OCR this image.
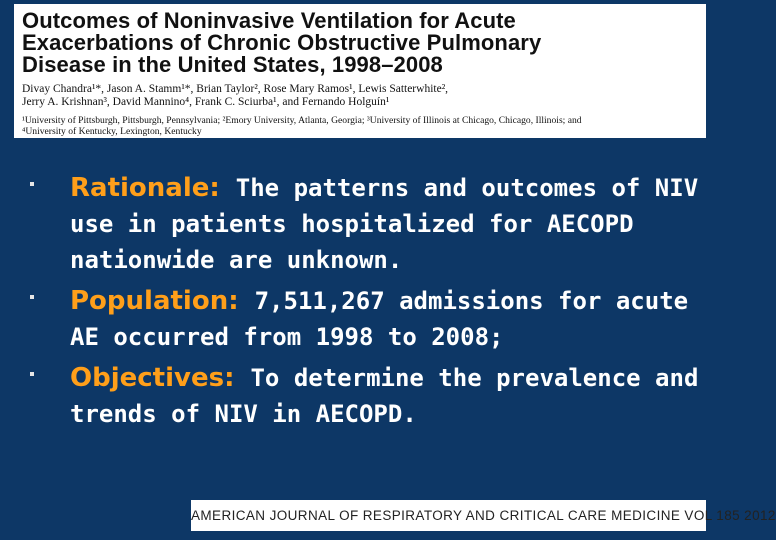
Outcomes of Noninvasive Ventilation for Acute
Exacerbations of Chronic Obstructive Pulmonary
Disease in the United States, 1998–2008
Divay Chandra¹*, Jason A. Stamm¹*, Brian Taylor², Rose Mary Ramos¹, Lewis Satterwhite²,
Jerry A. Krishnan³, David Mannino⁴, Frank C. Sciurba¹, and Fernando Holguín¹
¹University of Pittsburgh, Pittsburgh, Pennsylvania; ²Emory University, Atlanta, Georgia; ³University of Illinois at Chicago, Chicago, Illinois; and
⁴University of Kentucky, Lexington, Kentucky
Rationale: The patterns and outcomes of NIV use in patients hospitalized for AECOPD nationwide are unknown.
Population: 7,511,267 admissions for acute AE occurred from 1998 to 2008;
Objectives: To determine the prevalence and trends of NIV in AECOPD.
AMERICAN JOURNAL OF RESPIRATORY AND CRITICAL CARE MEDICINE VOL 185 2012
